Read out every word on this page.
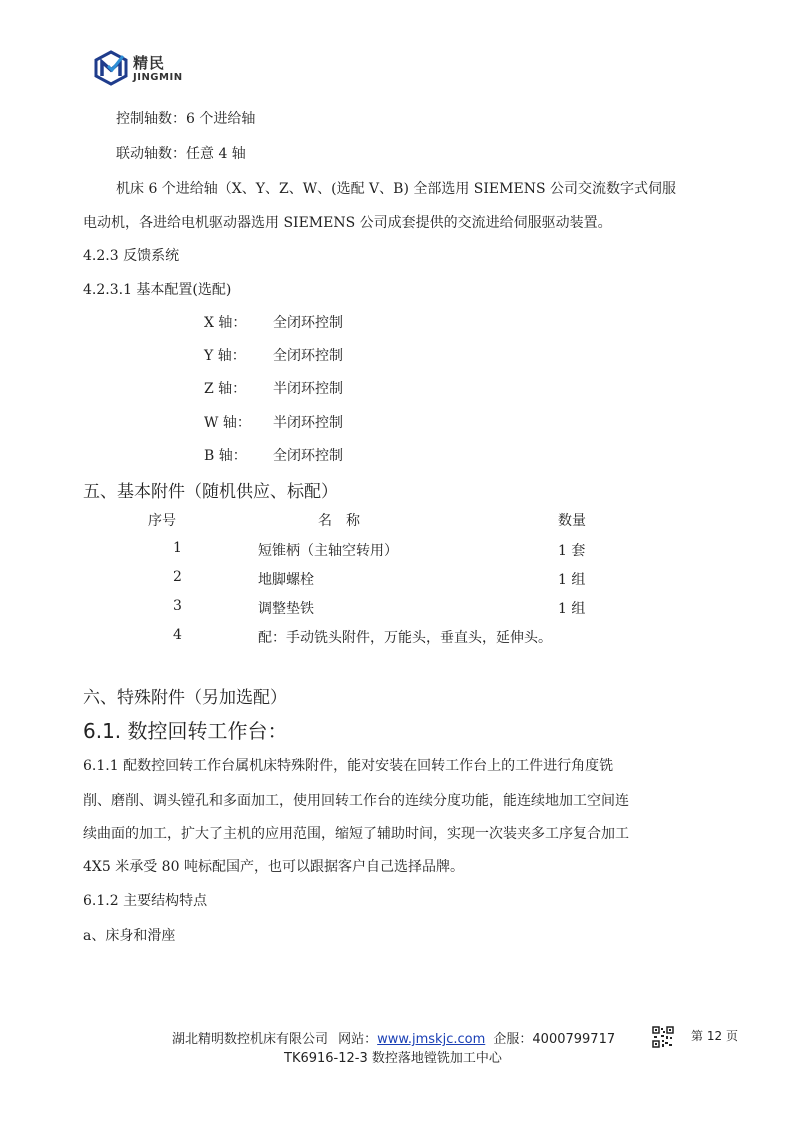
精民
JINGMIN
控制轴数：6 个进给轴
联动轴数：任意 4 轴
机床 6 个进给轴（X、Y、Z、W、(选配 V、B) 全部选用 SIEMENS 公司交流数字式伺服
电动机，各进给电机驱动器选用 SIEMENS 公司成套提供的交流进给伺服驱动装置。
4.2.3 反馈系统
4.2.3.1 基本配置(选配)
X 轴： 全闭环控制
Y 轴： 全闭环控制
Z 轴： 半闭环控制
W 轴： 半闭环控制
B 轴： 全闭环控制
五、基本附件（随机供应、标配）
序号	名　称	数量
1	短锥柄（主轴空转用）	1 套
2	地脚螺栓	1 组
3	调整垫铁	1 组
4	配：手动铣头附件，万能头，垂直头，延伸头。
六、特殊附件（另加选配）
6.1. 数控回转工作台：
6.1.1 配数控回转工作台属机床特殊附件，能对安装在回转工作台上的工件进行角度铣
削、磨削、调头镗孔和多面加工，使用回转工作台的连续分度功能，能连续地加工空间连
续曲面的加工，扩大了主机的应用范围，缩短了辅助时间，实现一次装夹多工序复合加工
4X5 米承受 80 吨标配国产，也可以跟据客户自己选择品牌。
6.1.2 主要结构特点
a、床身和滑座
湖北精明数控机床有限公司 网站：www.jmskjc.com 企服：4000799717	第 12 页
TK6916-12-3 数控落地镗铣加工中心
